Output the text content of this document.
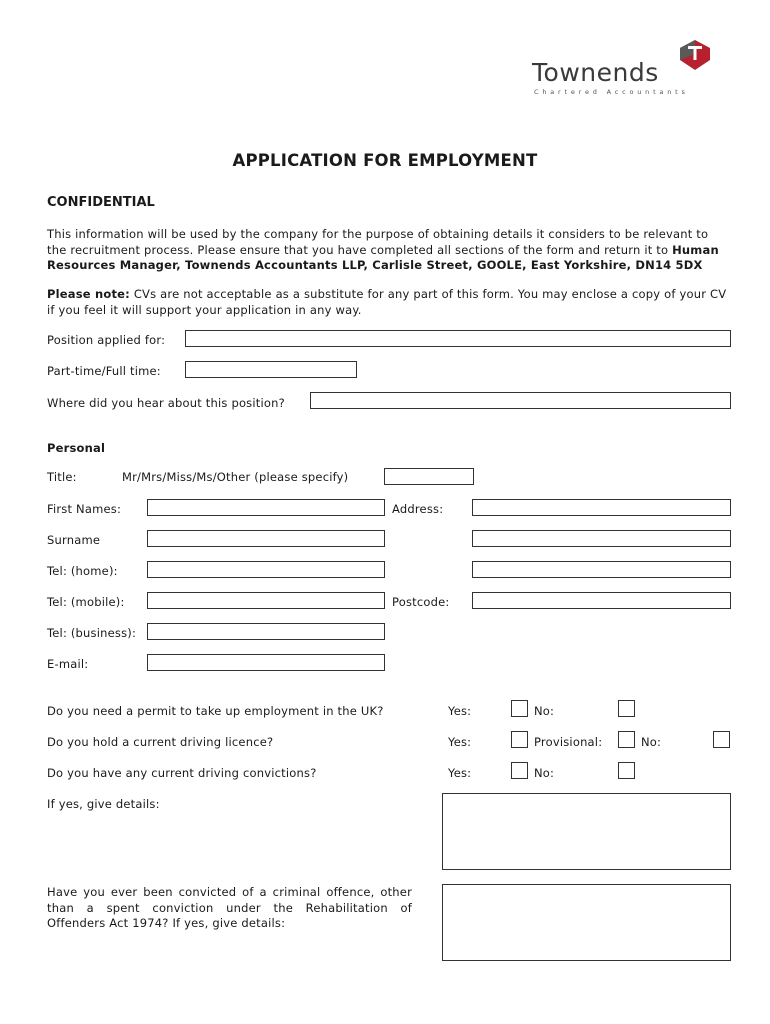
Townends
Chartered Accountants
APPLICATION FOR EMPLOYMENT
CONFIDENTIAL
This information will be used by the company for the purpose of obtaining details it considers to be relevant to the recruitment process. Please ensure that you have completed all sections of the form and return it to Human Resources Manager, Townends Accountants LLP, Carlisle Street, GOOLE, East Yorkshire, DN14 5DX
Please note: CVs are not acceptable as a substitute for any part of this form. You may enclose a copy of your CV if you feel it will support your application in any way.
Position applied for:
Part-time/Full time:
Where did you hear about this position?
Personal
Title:	Mr/Mrs/Miss/Ms/Other (please specify)
First Names:
Surname
Tel: (home):
Tel: (mobile):
Tel: (business):
E-mail:
Address:
Postcode:
Do you need a permit to take up employment in the UK?	Yes:	No:
Do you hold a current driving licence?	Yes:	Provisional:	No:
Do you have any current driving convictions?	Yes:	No:
If yes, give details:
Have you ever been convicted of a criminal offence, other than a spent conviction under the Rehabilitation of Offenders Act 1974? If yes, give details:
